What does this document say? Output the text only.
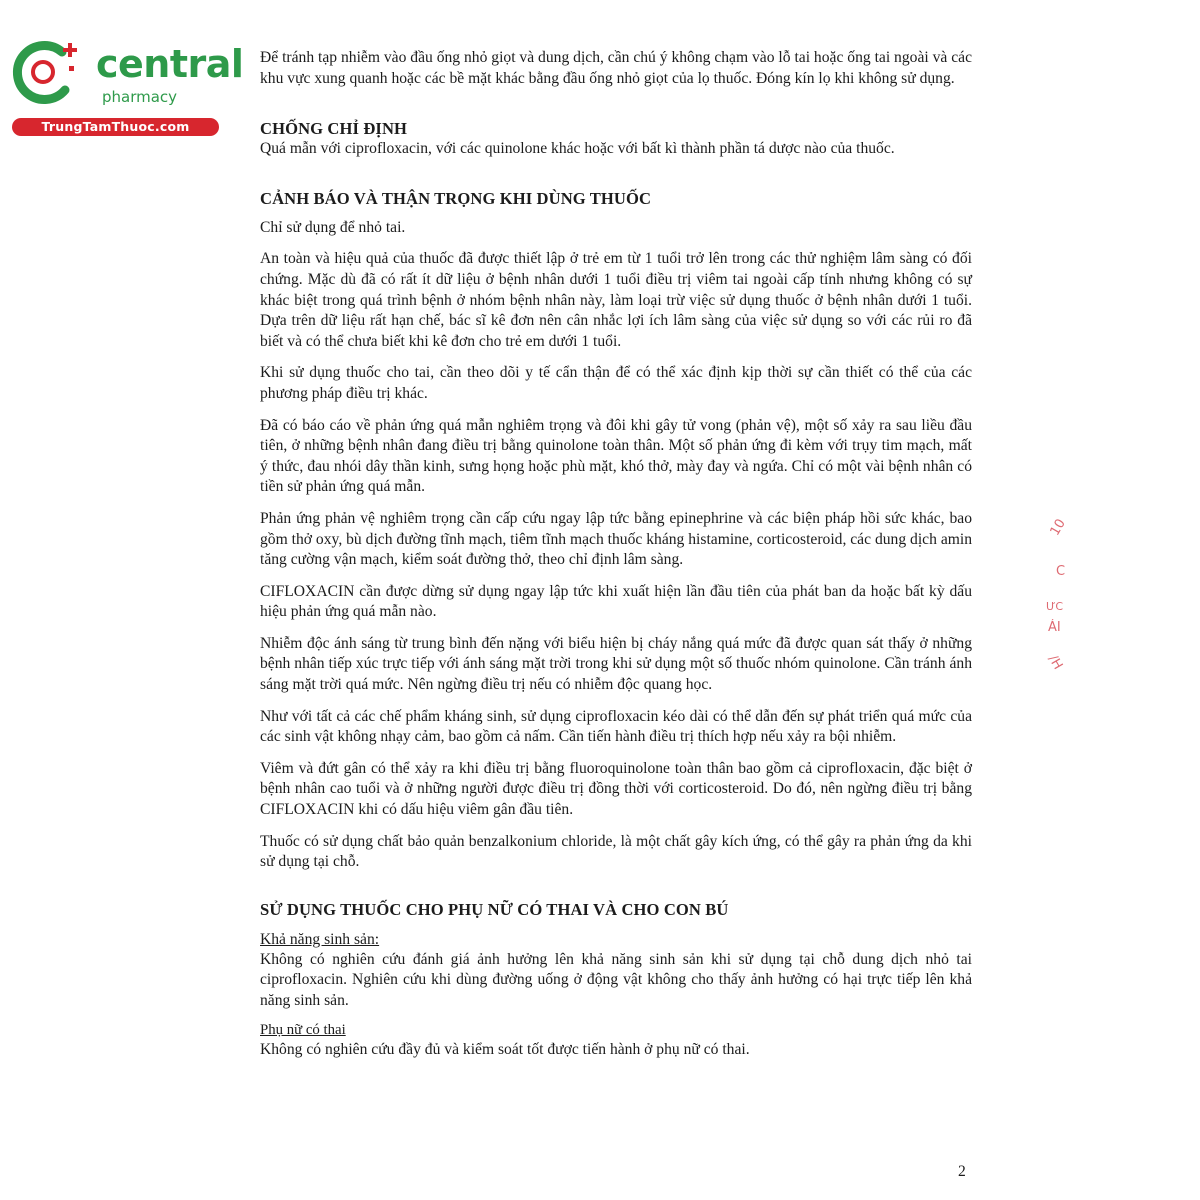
central
pharmacy
TrungTamThuoc.com

Để tránh tạp nhiễm vào đầu ống nhỏ giọt và dung dịch, cần chú ý không chạm vào lỗ tai hoặc ống tai ngoài và các khu vực xung quanh hoặc các bề mặt khác bằng đầu ống nhỏ giọt của lọ thuốc. Đóng kín lọ khi không sử dụng.

CHỐNG CHỈ ĐỊNH

Quá mẫn với ciprofloxacin, với các quinolone khác hoặc với bất kì thành phần tá dược nào của thuốc.

CẢNH BÁO VÀ THẬN TRỌNG KHI DÙNG THUỐC

Chỉ sử dụng để nhỏ tai.

An toàn và hiệu quả của thuốc đã được thiết lập ở trẻ em từ 1 tuổi trở lên trong các thử nghiệm lâm sàng có đối chứng. Mặc dù đã có rất ít dữ liệu ở bệnh nhân dưới 1 tuổi điều trị viêm tai ngoài cấp tính nhưng không có sự khác biệt trong quá trình bệnh ở nhóm bệnh nhân này, làm loại trừ việc sử dụng thuốc ở bệnh nhân dưới 1 tuổi. Dựa trên dữ liệu rất hạn chế, bác sĩ kê đơn nên cân nhắc lợi ích lâm sàng của việc sử dụng so với các rủi ro đã biết và có thể chưa biết khi kê đơn cho trẻ em dưới 1 tuổi.

Khi sử dụng thuốc cho tai, cần theo dõi y tế cẩn thận để có thể xác định kịp thời sự cần thiết có thể của các phương pháp điều trị khác.

Đã có báo cáo về phản ứng quá mẫn nghiêm trọng và đôi khi gây tử vong (phản vệ), một số xảy ra sau liều đầu tiên, ở những bệnh nhân đang điều trị bằng quinolone toàn thân. Một số phản ứng đi kèm với trụy tim mạch, mất ý thức, đau nhói dây thần kinh, sưng họng hoặc phù mặt, khó thở, mày đay và ngứa. Chỉ có một vài bệnh nhân có tiền sử phản ứng quá mẫn.

Phản ứng phản vệ nghiêm trọng cần cấp cứu ngay lập tức bằng epinephrine và các biện pháp hồi sức khác, bao gồm thở oxy, bù dịch đường tĩnh mạch, tiêm tĩnh mạch thuốc kháng histamine, corticosteroid, các dung dịch amin tăng cường vận mạch, kiểm soát đường thở, theo chỉ định lâm sàng.

CIFLOXACIN cần được dừng sử dụng ngay lập tức khi xuất hiện lần đầu tiên của phát ban da hoặc bất kỳ dấu hiệu phản ứng quá mẫn nào.

Nhiễm độc ánh sáng từ trung bình đến nặng với biểu hiện bị cháy nắng quá mức đã được quan sát thấy ở những bệnh nhân tiếp xúc trực tiếp với ánh sáng mặt trời trong khi sử dụng một số thuốc nhóm quinolone. Cần tránh ánh sáng mặt trời quá mức. Nên ngừng điều trị nếu có nhiễm độc quang học.

Như với tất cả các chế phẩm kháng sinh, sử dụng ciprofloxacin kéo dài có thể dẫn đến sự phát triển quá mức của các sinh vật không nhạy cảm, bao gồm cả nấm. Cần tiến hành điều trị thích hợp nếu xảy ra bội nhiễm.

Viêm và đứt gân có thể xảy ra khi điều trị bằng fluoroquinolone toàn thân bao gồm cả ciprofloxacin, đặc biệt ở bệnh nhân cao tuổi và ở những người được điều trị đồng thời với corticosteroid. Do đó, nên ngừng điều trị bằng CIFLOXACIN khi có dấu hiệu viêm gân đầu tiên.

Thuốc có sử dụng chất bảo quản benzalkonium chloride, là một chất gây kích ứng, có thể gây ra phản ứng da khi sử dụng tại chỗ.

SỬ DỤNG THUỐC CHO PHỤ NỮ CÓ THAI VÀ CHO CON BÚ

Khả năng sinh sản:

Không có nghiên cứu đánh giá ảnh hưởng lên khả năng sinh sản khi sử dụng tại chỗ dung dịch nhỏ tai ciprofloxacin. Nghiên cứu khi dùng đường uống ở động vật không cho thấy ảnh hưởng có hại trực tiếp lên khả năng sinh sản.

Phụ nữ có thai

Không có nghiên cứu đầy đủ và kiểm soát tốt được tiến hành ở phụ nữ có thai.

10
C
ƯC
ÁI
/H
2
